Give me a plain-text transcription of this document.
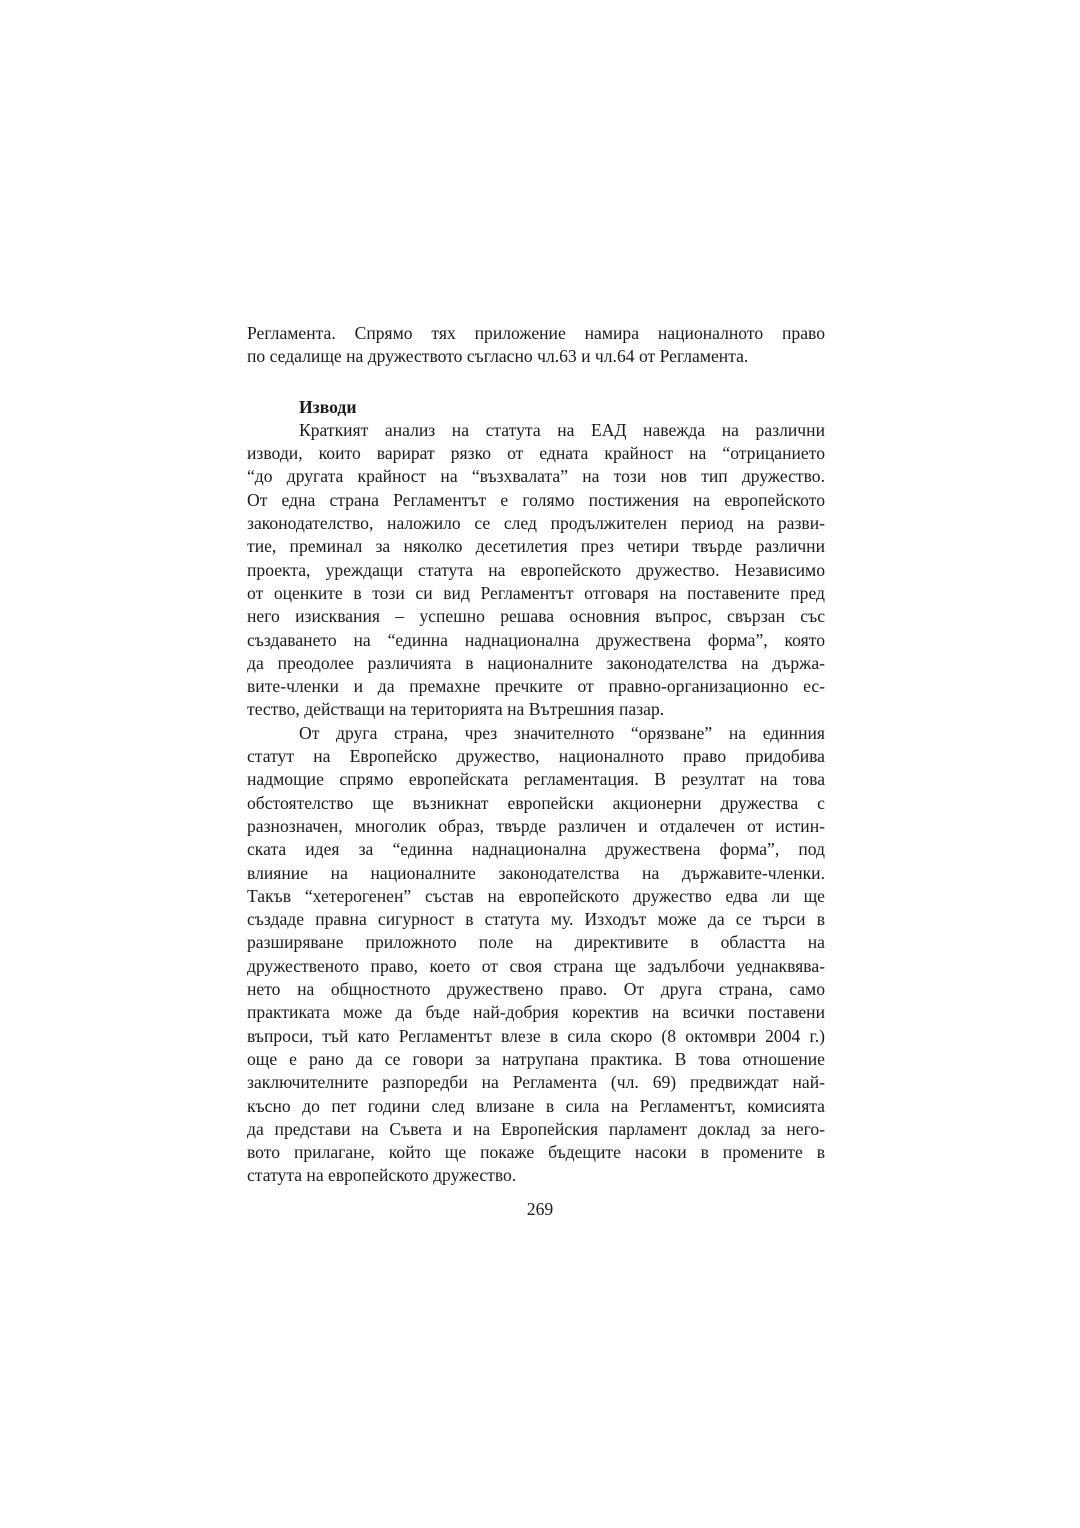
Регламента. Спрямо тях приложение намира националното право
по седалище на дружеството съгласно чл.63 и чл.64 от Регламента.
Изводи
Краткият анализ на статута на ЕАД навежда на различни
изводи, които варират рязко от едната крайност на “отрицанието
“до другата крайност на “възхвалата” на този нов тип дружество.
От една страна Регламентът е голямо постижения на европейското
законодателство, наложило се след продължителен период на разви-
тие, преминал за няколко десетилетия през четири твърде различни
проекта, уреждащи статута на европейското дружество. Независимо
от оценките в този си вид Регламентът отговаря на поставените пред
него изисквания – успешно решава основния въпрос, свързан със
създаването на “единна наднационална дружествена форма”, която
да преодолее различията в националните законодателства на държа-
вите-членки и да премахне пречките от правно-организационно ес-
тество, действащи на територията на Вътрешния пазар.
От друга страна, чрез значителното “орязване” на единния
статут на Европейско дружество, националното право придобива
надмощие спрямо европейската регламентация. В резултат на това
обстоятелство ще възникнат европейски акционерни дружества с
разнозначен, многолик образ, твърде различен и отдалечен от истин-
ската идея за “единна наднационална дружествена форма”, под
влияние на националните законодателства на държавите-членки.
Такъв “хетерогенен” състав на европейското дружество едва ли ще
създаде правна сигурност в статута му. Изходът може да се търси в
разширяване приложното поле на директивите в областта на
дружественото право, което от своя страна ще задълбочи уеднаквява-
нето на общностното дружествено право. От друга страна, само
практиката може да бъде най-добрия коректив на всички поставени
въпроси, тъй като Регламентът влезе в сила скоро (8 октомври 2004 г.)
още е рано да се говори за натрупана практика. В това отношение
заключителните разпоредби на Регламента (чл. 69) предвиждат най-
късно до пет години след влизане в сила на Регламентът, комисията
да представи на Съвета и на Европейския парламент доклад за него-
вото прилагане, който ще покаже бъдещите насоки в промените в
статута на европейското дружество.
269
